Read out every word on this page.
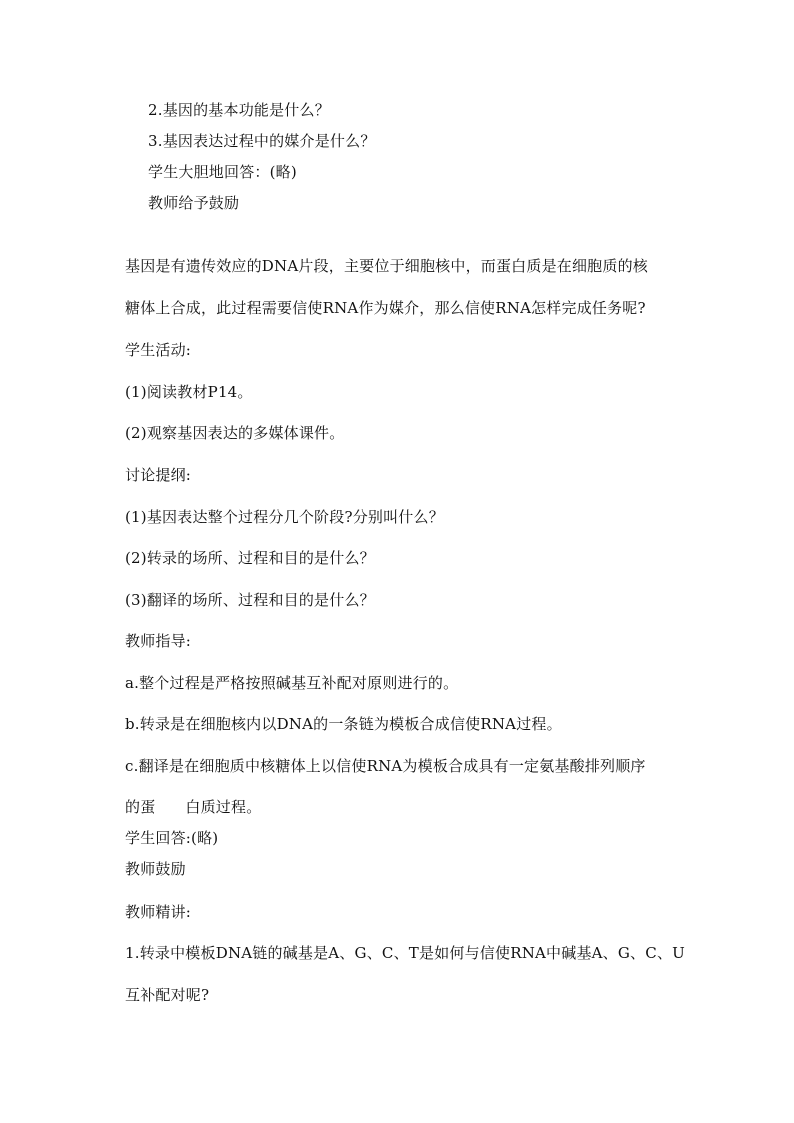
2.基因的基本功能是什么？
3.基因表达过程中的媒介是什么？
学生大胆地回答：(略)
教师给予鼓励
基因是有遗传效应的DNA片段，主要位于细胞核中，而蛋白质是在细胞质的核
糖体上合成，此过程需要信使RNA作为媒介，那么信使RNA怎样完成任务呢?
学生活动:
(1)阅读教材P14。
(2)观察基因表达的多媒体课件。
讨论提纲:
(1)基因表达整个过程分几个阶段?分别叫什么？
(2)转录的场所、过程和目的是什么？
(3)翻译的场所、过程和目的是什么？
教师指导:
a.整个过程是严格按照碱基互补配对原则进行的。
b.转录是在细胞核内以DNA的一条链为模板合成信使RNA过程。
c.翻译是在细胞质中核糖体上以信使RNA为模板合成具有一定氨基酸排列顺序
的蛋 白质过程。
学生回答:(略)
教师鼓励
教师精讲:
1.转录中模板DNA链的碱基是A、G、C、T是如何与信使RNA中碱基A、G、C、U
互补配对呢?
